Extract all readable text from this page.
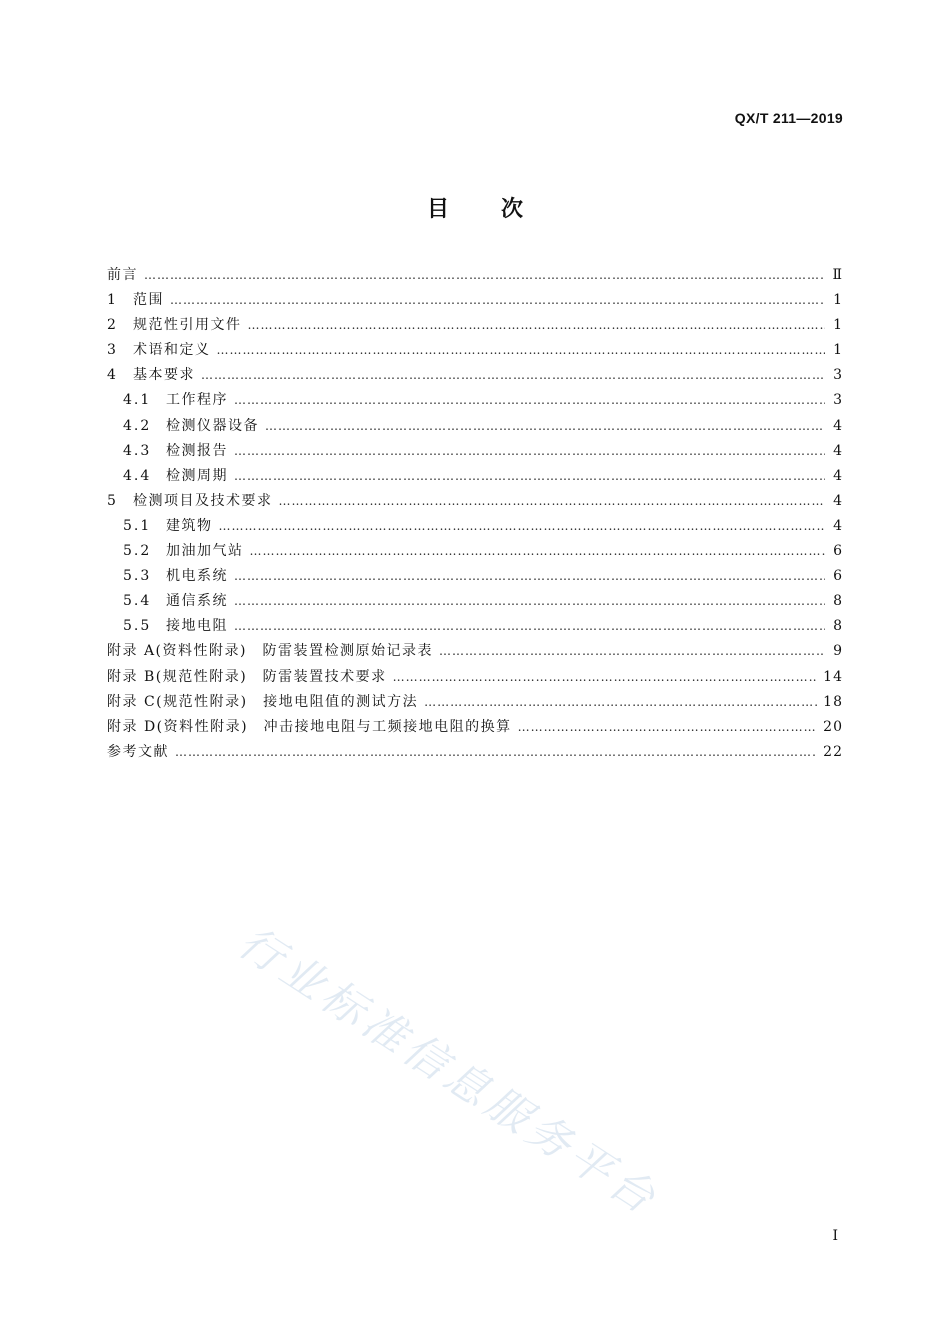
QX/T 211—2019
目 次
前言 ……………………………………………………………………………………………………………………………………………………………………………………………………………………………………………	Ⅱ
1	范围 ……………………………………………………………………………………………………………………………………………………………………………………………………………………………………………	1
2	规范性引用文件 ……………………………………………………………………………………………………………………………………………………………………………………………………………………………………………	1
3	术语和定义 ……………………………………………………………………………………………………………………………………………………………………………………………………………………………………………	1
4	基本要求 ……………………………………………………………………………………………………………………………………………………………………………………………………………………………………………	3
4.1	工作程序 ……………………………………………………………………………………………………………………………………………………………………………………………………………………………………………	3
4.2	检测仪器设备 ……………………………………………………………………………………………………………………………………………………………………………………………………………………………………………	4
4.3	检测报告 ……………………………………………………………………………………………………………………………………………………………………………………………………………………………………………	4
4.4	检测周期 ……………………………………………………………………………………………………………………………………………………………………………………………………………………………………………	4
5	检测项目及技术要求 ……………………………………………………………………………………………………………………………………………………………………………………………………………………………………………	4
5.1	建筑物 ……………………………………………………………………………………………………………………………………………………………………………………………………………………………………………	4
5.2	加油加气站 ……………………………………………………………………………………………………………………………………………………………………………………………………………………………………………	6
5.3	机电系统 ……………………………………………………………………………………………………………………………………………………………………………………………………………………………………………	6
5.4	通信系统 ……………………………………………………………………………………………………………………………………………………………………………………………………………………………………………	8
5.5	接地电阻 ……………………………………………………………………………………………………………………………………………………………………………………………………………………………………………	8
附录 A(资料性附录)　防雷装置检测原始记录表 ……………………………………………………………………………………………………………………………………………………………………………………………………………………………………………	9
附录 B(规范性附录)　防雷装置技术要求 ……………………………………………………………………………………………………………………………………………………………………………………………………………………………………………	14
附录 C(规范性附录)　接地电阻值的测试方法 ……………………………………………………………………………………………………………………………………………………………………………………………………………………………………………	18
附录 D(资料性附录)　冲击接地电阻与工频接地电阻的换算 ……………………………………………………………………………………………………………………………………………………………………………………………………………………………………………	20
参考文献 ……………………………………………………………………………………………………………………………………………………………………………………………………………………………………………	22
行业标准信息服务平台
I
